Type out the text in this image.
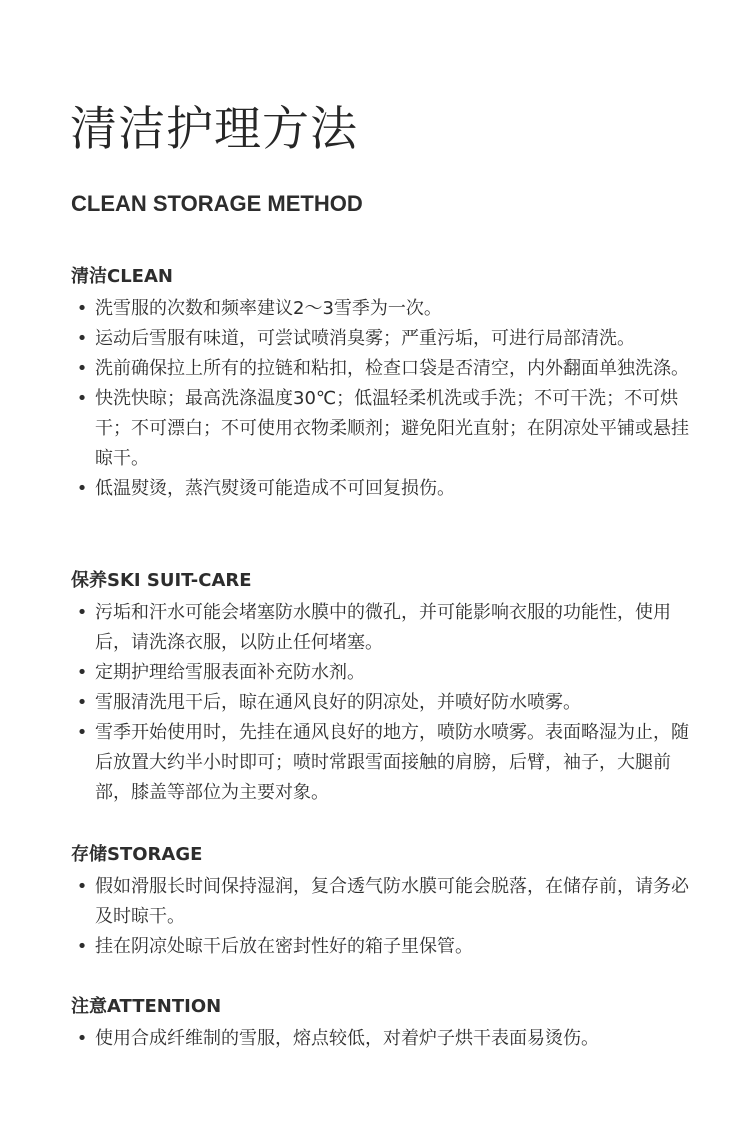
清洁护理方法
CLEAN STORAGE METHOD
清洁CLEAN
• 洗雪服的次数和频率建议2～3雪季为一次。
• 运动后雪服有味道，可尝试喷消臭雾；严重污垢，可进行局部清洗。
• 洗前确保拉上所有的拉链和粘扣，检查口袋是否清空，内外翻面单独洗涤。
• 快洗快晾；最高洗涤温度30℃；低温轻柔机洗或手洗；不可干洗；不可烘干；不可漂白；不可使用衣物柔顺剂；避免阳光直射；在阴凉处平铺或悬挂晾干。
• 低温熨烫，蒸汽熨烫可能造成不可回复损伤。
保养SKI SUIT-CARE
• 污垢和汗水可能会堵塞防水膜中的微孔，并可能影响衣服的功能性，使用后，请洗涤衣服，以防止任何堵塞。
• 定期护理给雪服表面补充防水剂。
• 雪服清洗甩干后，晾在通风良好的阴凉处，并喷好防水喷雾。
• 雪季开始使用时，先挂在通风良好的地方，喷防水喷雾。表面略湿为止，随后放置大约半小时即可；喷时常跟雪面接触的肩膀，后臂，袖子，大腿前部，膝盖等部位为主要对象。
存储STORAGE
• 假如滑服长时间保持湿润，复合透气防水膜可能会脱落，在储存前，请务必及时晾干。
• 挂在阴凉处晾干后放在密封性好的箱子里保管。
注意ATTENTION
• 使用合成纤维制的雪服，熔点较低，对着炉子烘干表面易烫伤。
